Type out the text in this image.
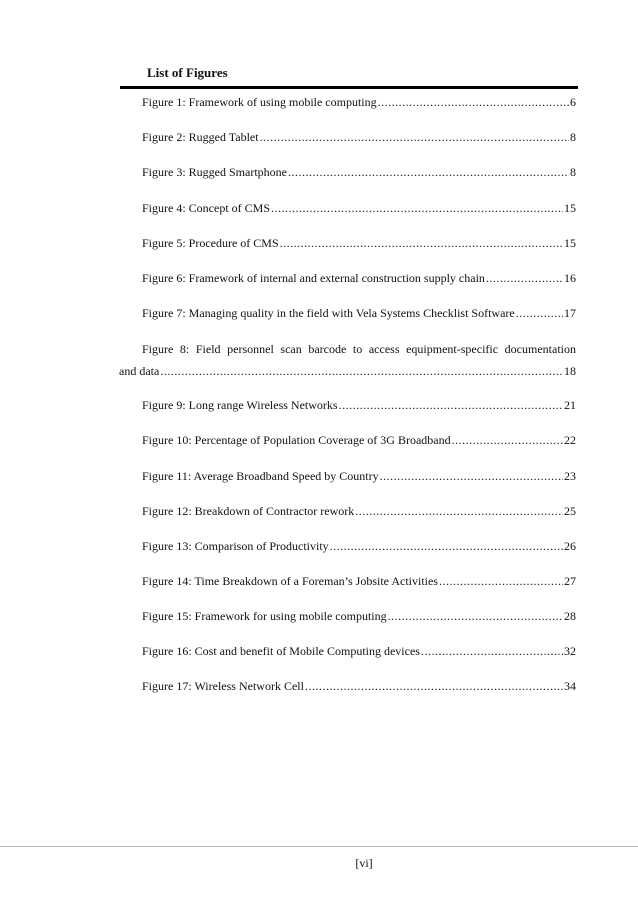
List of Figures
Figure 1: Framework of using mobile computing .....	6
Figure 2: Rugged Tablet .....	8
Figure 3: Rugged Smartphone .....	8
Figure 4: Concept of CMS .....	15
Figure 5: Procedure of CMS .....	15
Figure 6: Framework of internal and external construction supply chain .....	16
Figure 7: Managing quality in the field with Vela Systems Checklist Software .....	17
Figure 8: Field personnel scan barcode to access equipment-specific documentation
and data .....	18
Figure 9: Long range Wireless Networks .....	21
Figure 10: Percentage of Population Coverage of 3G Broadband .....	22
Figure 11: Average Broadband Speed by Country .....	23
Figure 12: Breakdown of Contractor rework .....	25
Figure 13: Comparison of Productivity .....	26
Figure 14: Time Breakdown of a Foreman’s Jobsite Activities .....	27
Figure 15: Framework for using mobile computing .....	28
Figure 16: Cost and benefit of Mobile Computing devices .....	32
Figure 17: Wireless Network Cell .....	34
[vi]
